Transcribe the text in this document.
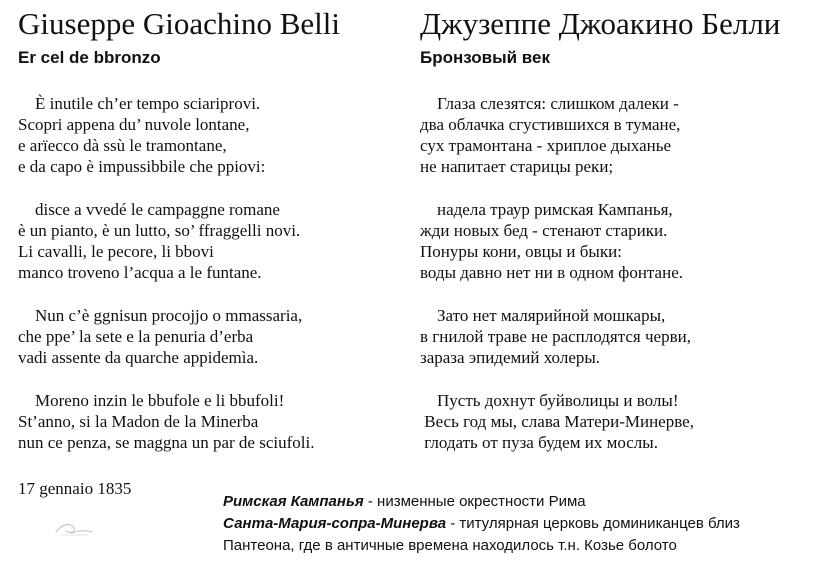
Giuseppe Gioachino Belli
Er cel de bbronzo
È inutile ch’er tempo sciariprovi.
Scopri appena du’ nuvole lontane,
e arïecco dà ssù le tramontane,
e da capo è impussibbile che ppiovi:
disce a vvedé le campaggne romane
è un pianto, è un lutto, so’ ffraggelli novi.
Li cavalli, le pecore, li bbovi
manco troveno l’acqua a le funtane.
Nun c’è ggnisun procojjo o mmassaria,
che ppe’ la sete e la penuria d’erba
vadi assente da quarche appidemìa.
Moreno inzin le bbufole e li bbufoli!
St’anno, si la Madon de la Minerba
nun ce penza, se maggna un par de sciufoli.
Джузеппе Джоакино Белли
Бронзовый век
Глаза слезятся: слишком далеки -
два облачка сгустившихся в тумане,
сух трамонтана - хриплое дыханье
не напитает старицы реки;
надела траур римская Кампанья,
жди новых бед - стенают старики.
Понуры кони, овцы и быки:
воды давно нет ни в одном фонтане.
Зато нет малярийной мошкары,
в гнилой траве не расплодятся черви,
зараза эпидемий холеры.
Пусть дохнут буйволицы и волы!
Весь год мы, слава Матери-Минерве,
глодать от пуза будем их мослы.
17 gennaio 1835
Римская Кампанья - низменные окрестности Рима
Санта-Мария-сопра-Минерва - титулярная церковь доминиканцев близ
Пантеона, где в античные времена находилось т.н. Козье болото
